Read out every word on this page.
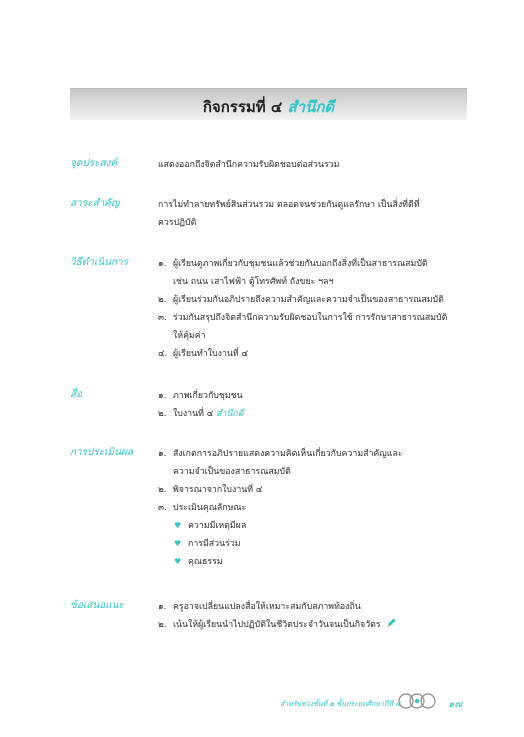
กิจกรรมที่ ๔ สำนึกดี
จุดประสงค์	แสดงออกถึงจิตสำนึกความรับผิดชอบต่อส่วนรวม
สาระสำคัญ	การไม่ทำลายทรัพย์สินส่วนรวม ตลอดจนช่วยกันดูแลรักษา เป็นสิ่งที่ดีที่
ควรปฏิบัติ
วิธีดำเนินการ	๑. ผู้เรียนดูภาพเกี่ยวกับชุมชนแล้วช่วยกันบอกถึงสิ่งที่เป็นสาธารณสมบัติ
เช่น ถนน เสาไฟฟ้า ตู้โทรศัพท์ ถังขยะ ฯลฯ
๒. ผู้เรียนร่วมกันอภิปรายถึงความสำคัญและความจำเป็นของสาธารณสมบัติ
๓. ร่วมกันสรุปถึงจิตสำนึกความรับผิดชอบในการใช้ การรักษาสาธารณสมบัติ
ให้คุ้มค่า
๔. ผู้เรียนทำใบงานที่ ๔
สื่อ	๑. ภาพเกี่ยวกับชุมชน
๒. ใบงานที่ ๔ สำนึกดี
การประเมินผล	๑. สังเกตการอภิปรายแสดงความคิดเห็นเกี่ยวกับความสำคัญและ
ความจำเป็นของสาธารณสมบัติ
๒. พิจารณาจากใบงานที่ ๔
๓. ประเมินคุณลักษณะ
♥ ความมีเหตุมีผล
♥ การมีส่วนร่วม
♥ คุณธรรม
ข้อเสนอแนะ	๑. ครูอาจเปลี่ยนแปลงสื่อให้เหมาะสมกับสภาพท้องถิ่น
๒. เน้นให้ผู้เรียนนำไปปฏิบัติในชีวิตประจำวันจนเป็นกิจวัตร
สำหรับช่วงชั้นที่ ๒ ชั้นประถมศึกษาปีที่ ๔	๑๗
